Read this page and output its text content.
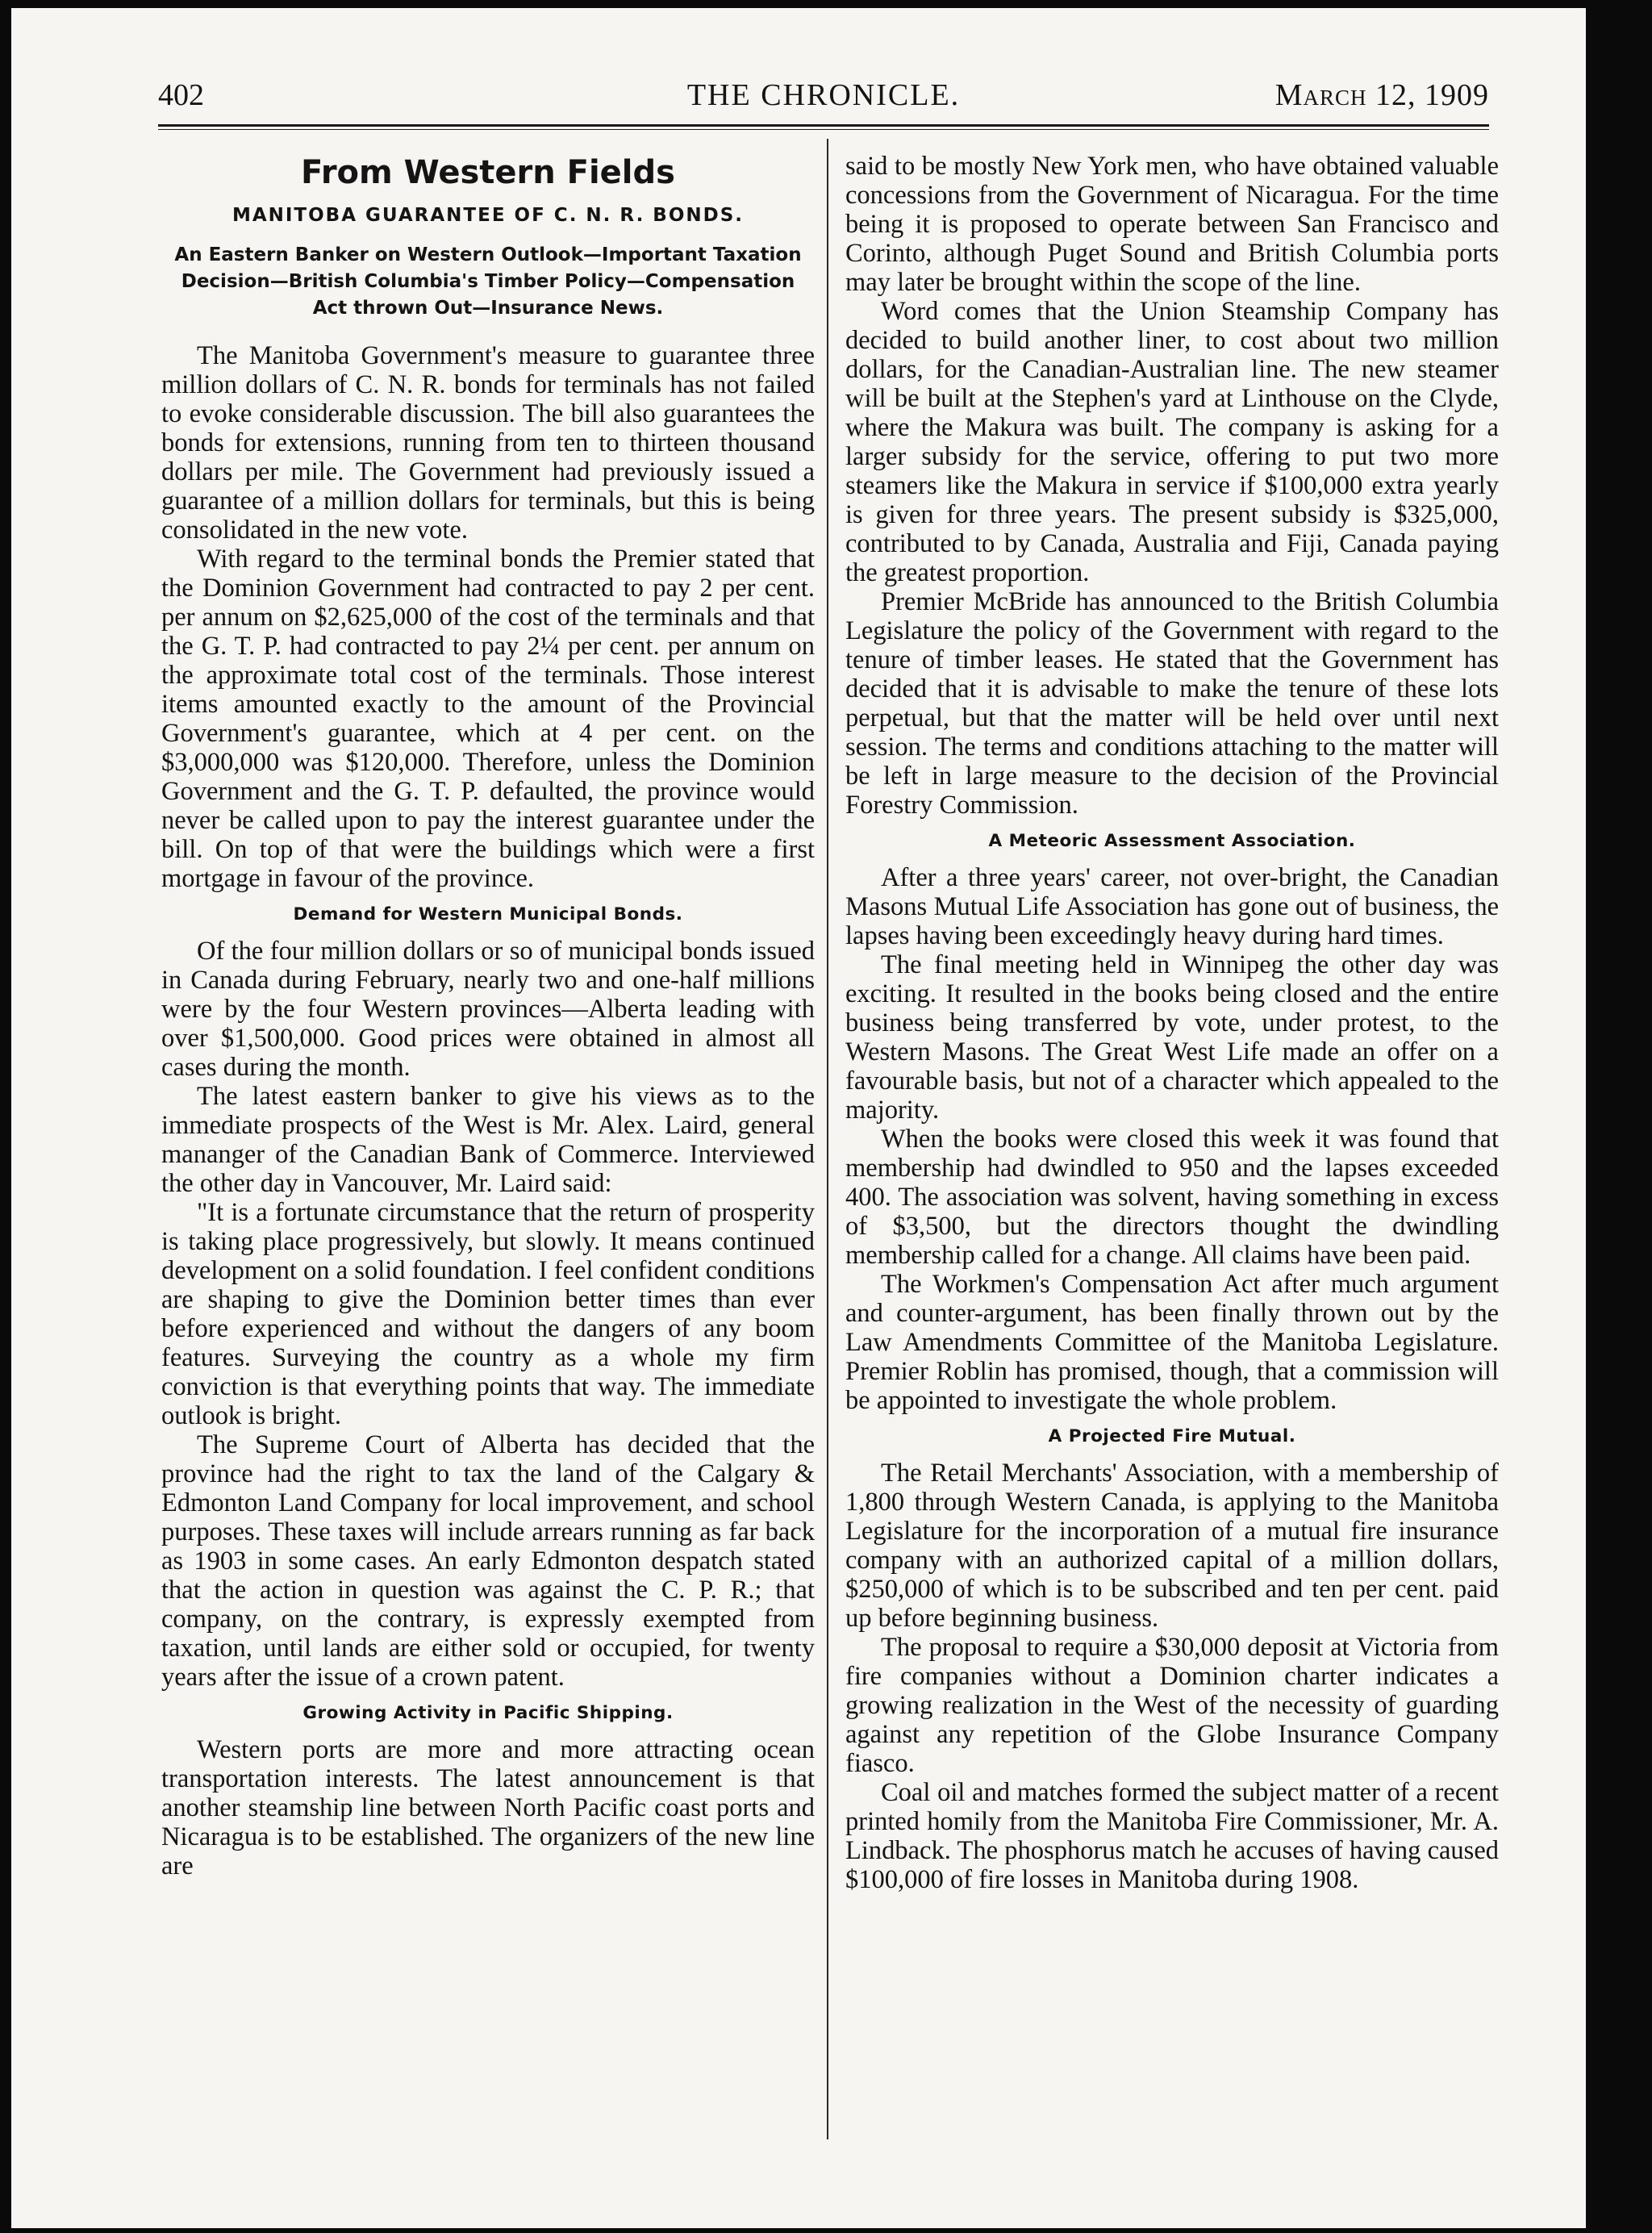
402	THE CHRONICLE.	March 12, 1909
From Western Fields
MANITOBA GUARANTEE OF C. N. R. BONDS.
An Eastern Banker on Western Outlook—Important Taxation Decision—British Columbia's Timber Policy—Compensation Act thrown Out—Insurance News.

The Manitoba Government's measure to guarantee three million dollars of C. N. R. bonds for terminals has not failed to evoke considerable discussion. The bill also guarantees the bonds for extensions, running from ten to thirteen thousand dollars per mile. The Government had previously issued a guarantee of a million dollars for terminals, but this is being consolidated in the new vote.

With regard to the terminal bonds the Premier stated that the Dominion Government had contracted to pay 2 per cent. per annum on $2,625,000 of the cost of the terminals and that the G. T. P. had contracted to pay 2¼ per cent. per annum on the approximate total cost of the terminals. Those interest items amounted exactly to the amount of the Provincial Government's guarantee, which at 4 per cent. on the $3,000,000 was $120,000. Therefore, unless the Dominion Government and the G. T. P. defaulted, the province would never be called upon to pay the interest guarantee under the bill. On top of that were the buildings which were a first mortgage in favour of the province.

Demand for Western Municipal Bonds.

Of the four million dollars or so of municipal bonds issued in Canada during February, nearly two and one-half millions were by the four Western provinces—Alberta leading with over $1,500,000. Good prices were obtained in almost all cases during the month.

The latest eastern banker to give his views as to the immediate prospects of the West is Mr. Alex. Laird, general mananger of the Canadian Bank of Commerce. Interviewed the other day in Vancouver, Mr. Laird said:

"It is a fortunate circumstance that the return of prosperity is taking place progressively, but slowly. It means continued development on a solid foundation. I feel confident conditions are shaping to give the Dominion better times than ever before experienced and without the dangers of any boom features. Surveying the country as a whole my firm conviction is that everything points that way. The immediate outlook is bright.

The Supreme Court of Alberta has decided that the province had the right to tax the land of the Calgary & Edmonton Land Company for local improvement, and school purposes. These taxes will include arrears running as far back as 1903 in some cases. An early Edmonton despatch stated that the action in question was against the C. P. R.; that company, on the contrary, is expressly exempted from taxation, until lands are either sold or occupied, for twenty years after the issue of a crown patent.

Growing Activity in Pacific Shipping.

Western ports are more and more attracting ocean transportation interests. The latest announcement is that another steamship line between North Pacific coast ports and Nicaragua is to be established. The organizers of the new line are

said to be mostly New York men, who have obtained valuable concessions from the Government of Nicaragua. For the time being it is proposed to operate between San Francisco and Corinto, although Puget Sound and British Columbia ports may later be brought within the scope of the line.

Word comes that the Union Steamship Company has decided to build another liner, to cost about two million dollars, for the Canadian-Australian line. The new steamer will be built at the Stephen's yard at Linthouse on the Clyde, where the Makura was built. The company is asking for a larger subsidy for the service, offering to put two more steamers like the Makura in service if $100,000 extra yearly is given for three years. The present subsidy is $325,000, contributed to by Canada, Australia and Fiji, Canada paying the greatest proportion.

Premier McBride has announced to the British Columbia Legislature the policy of the Government with regard to the tenure of timber leases. He stated that the Government has decided that it is advisable to make the tenure of these lots perpetual, but that the matter will be held over until next session. The terms and conditions attaching to the matter will be left in large measure to the decision of the Provincial Forestry Commission.

A Meteoric Assessment Association.

After a three years' career, not over-bright, the Canadian Masons Mutual Life Association has gone out of business, the lapses having been exceedingly heavy during hard times.

The final meeting held in Winnipeg the other day was exciting. It resulted in the books being closed and the entire business being transferred by vote, under protest, to the Western Masons. The Great West Life made an offer on a favourable basis, but not of a character which appealed to the majority.

When the books were closed this week it was found that membership had dwindled to 950 and the lapses exceeded 400. The association was solvent, having something in excess of $3,500, but the directors thought the dwindling membership called for a change. All claims have been paid.

The Workmen's Compensation Act after much argument and counter-argument, has been finally thrown out by the Law Amendments Committee of the Manitoba Legislature. Premier Roblin has promised, though, that a commission will be appointed to investigate the whole problem.

A Projected Fire Mutual.

The Retail Merchants' Association, with a membership of 1,800 through Western Canada, is applying to the Manitoba Legislature for the incorporation of a mutual fire insurance company with an authorized capital of a million dollars, $250,000 of which is to be subscribed and ten per cent. paid up before beginning business.

The proposal to require a $30,000 deposit at Victoria from fire companies without a Dominion charter indicates a growing realization in the West of the necessity of guarding against any repetition of the Globe Insurance Company fiasco.

Coal oil and matches formed the subject matter of a recent printed homily from the Manitoba Fire Commissioner, Mr. A. Lindback. The phosphorus match he accuses of having caused $100,000 of fire losses in Manitoba during 1908.
